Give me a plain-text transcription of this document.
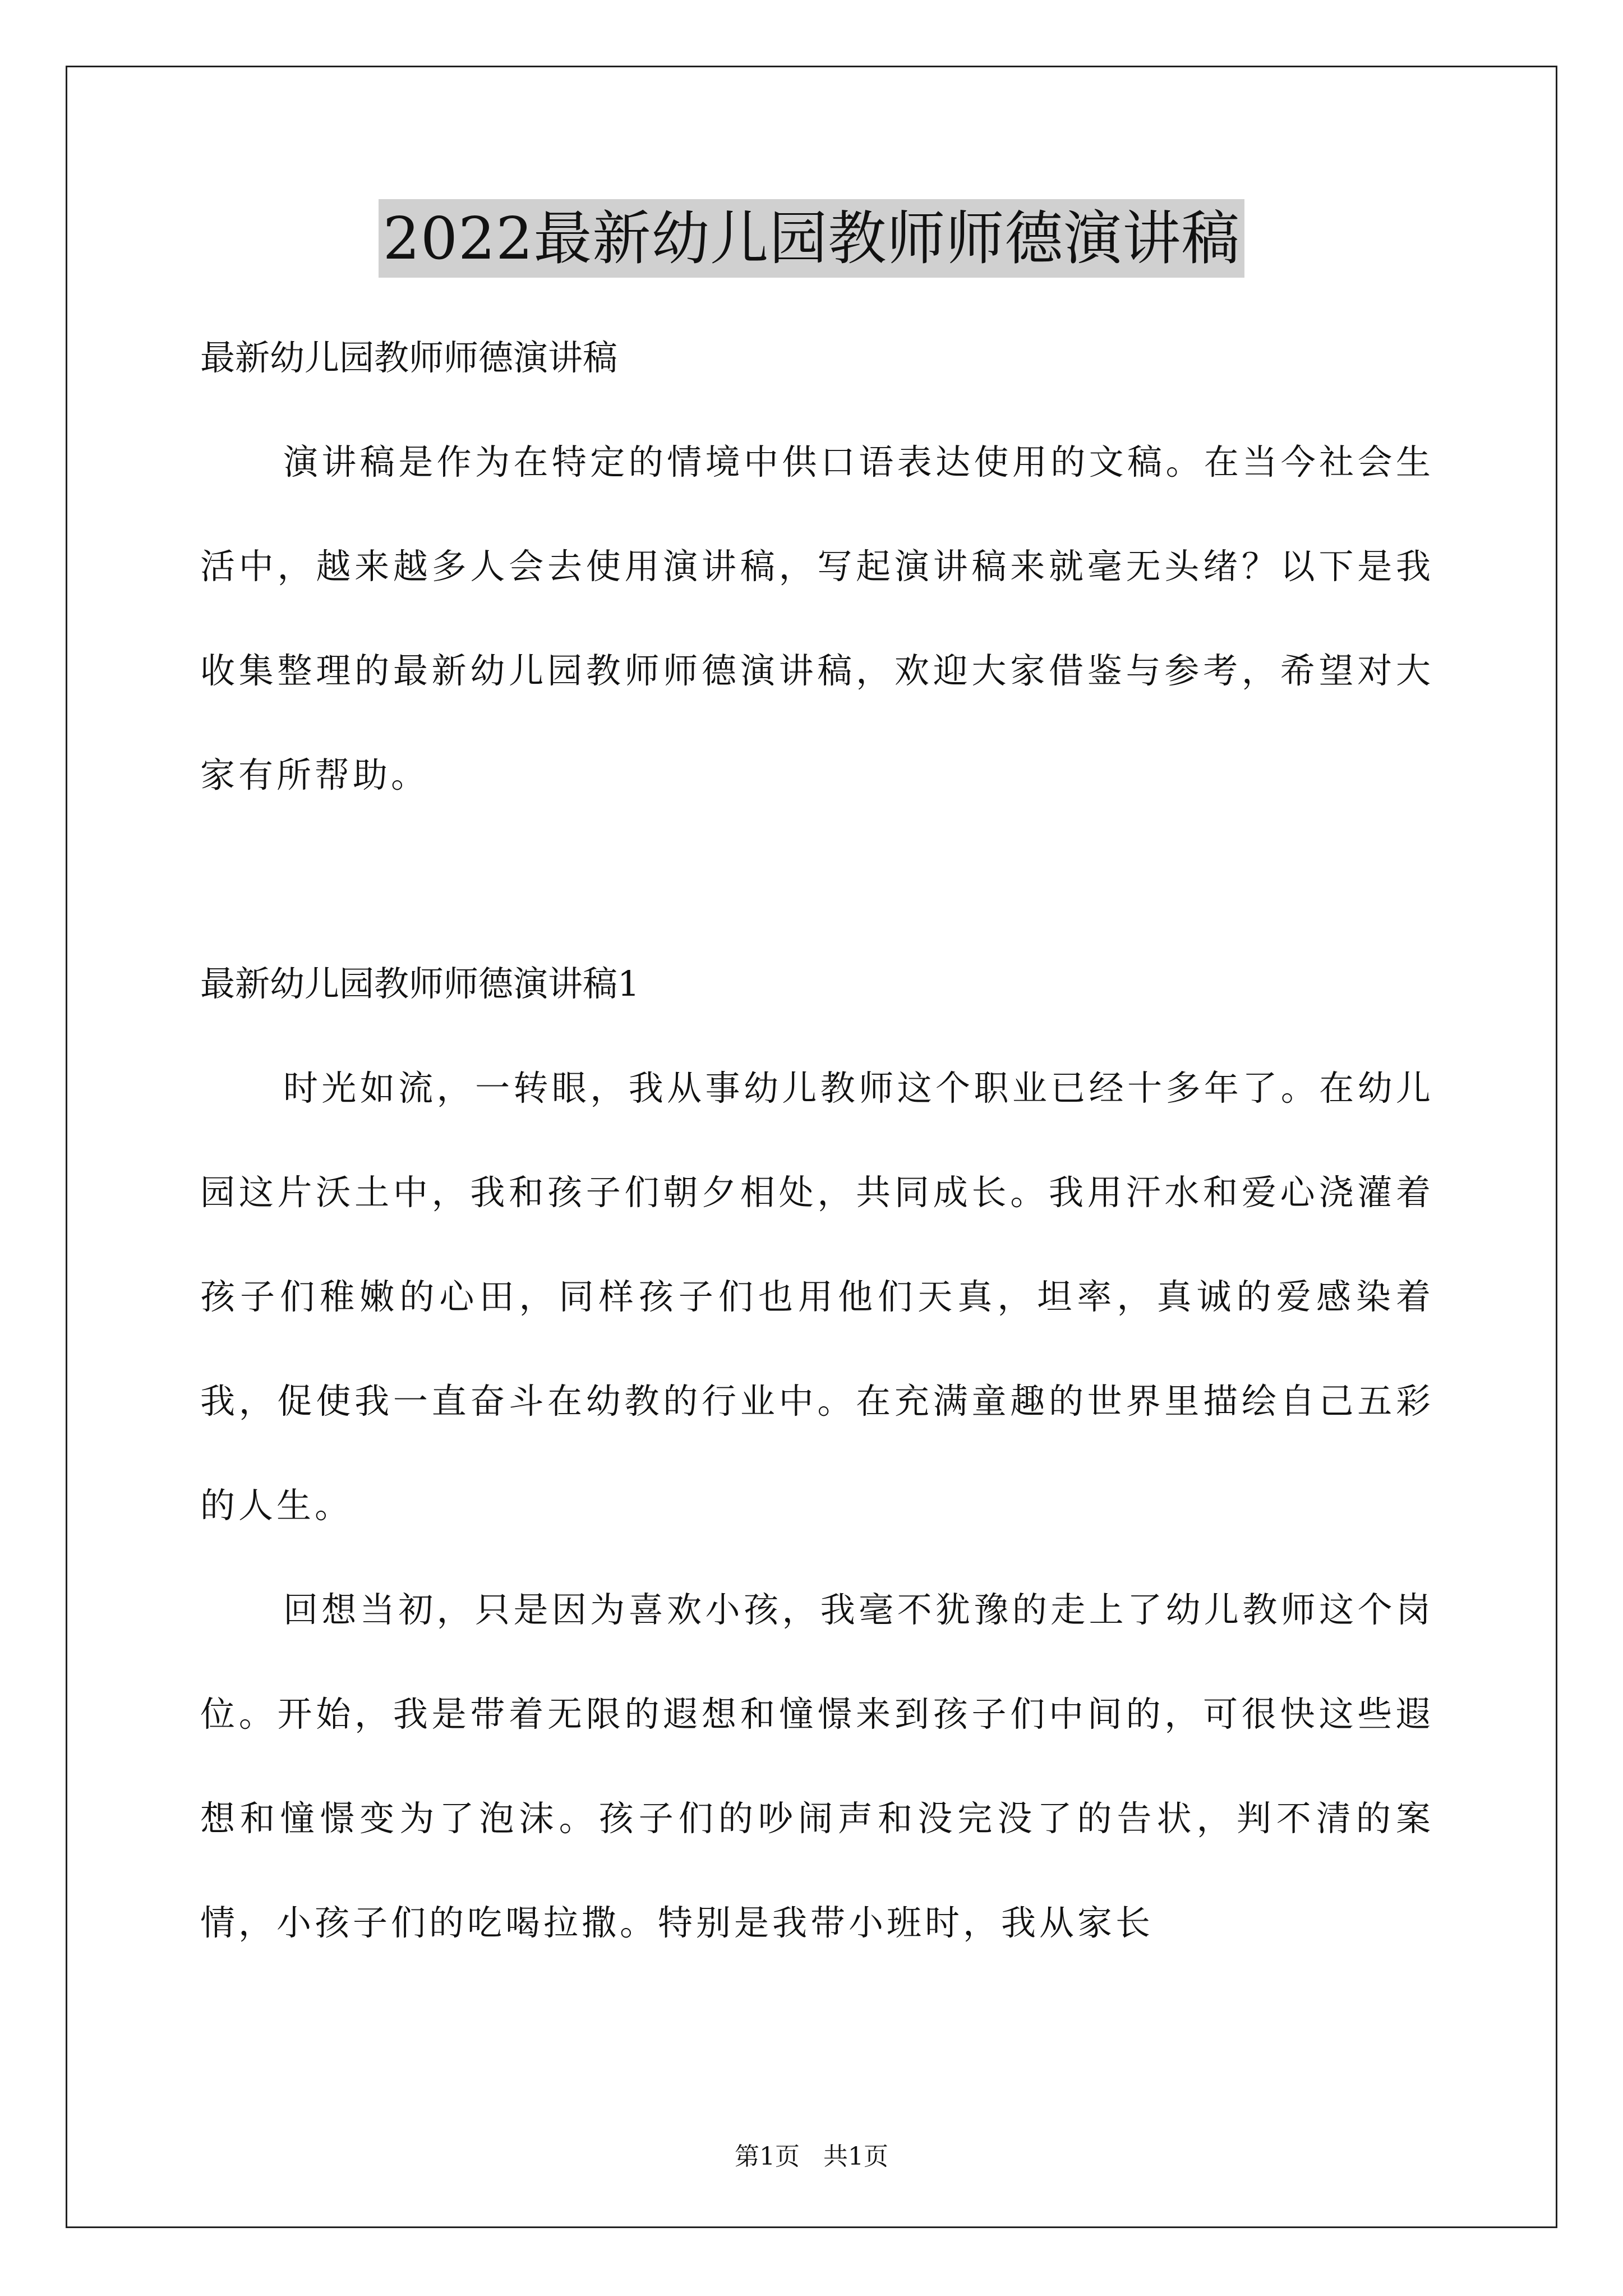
2022最新幼儿园教师师德演讲稿

最新幼儿园教师师德演讲稿

演讲稿是作为在特定的情境中供口语表达使用的文稿。在当今社会生活中，越来越多人会去使用演讲稿，写起演讲稿来就毫无头绪？以下是我收集整理的最新幼儿园教师师德演讲稿，欢迎大家借鉴与参考，希望对大家有所帮助。

最新幼儿园教师师德演讲稿1

时光如流，一转眼，我从事幼儿教师这个职业已经十多年了。在幼儿园这片沃土中，我和孩子们朝夕相处，共同成长。我用汗水和爱心浇灌着孩子们稚嫩的心田，同样孩子们也用他们天真，坦率，真诚的爱感染着我，促使我一直奋斗在幼教的行业中。在充满童趣的世界里描绘自己五彩的人生。

回想当初，只是因为喜欢小孩，我毫不犹豫的走上了幼儿教师这个岗位。开始，我是带着无限的遐想和憧憬来到孩子们中间的，可很快这些遐想和憧憬变为了泡沫。孩子们的吵闹声和没完没了的告状，判不清的案情，小孩子们的吃喝拉撒。特别是我带小班时，我从家长

第1页   共1页
